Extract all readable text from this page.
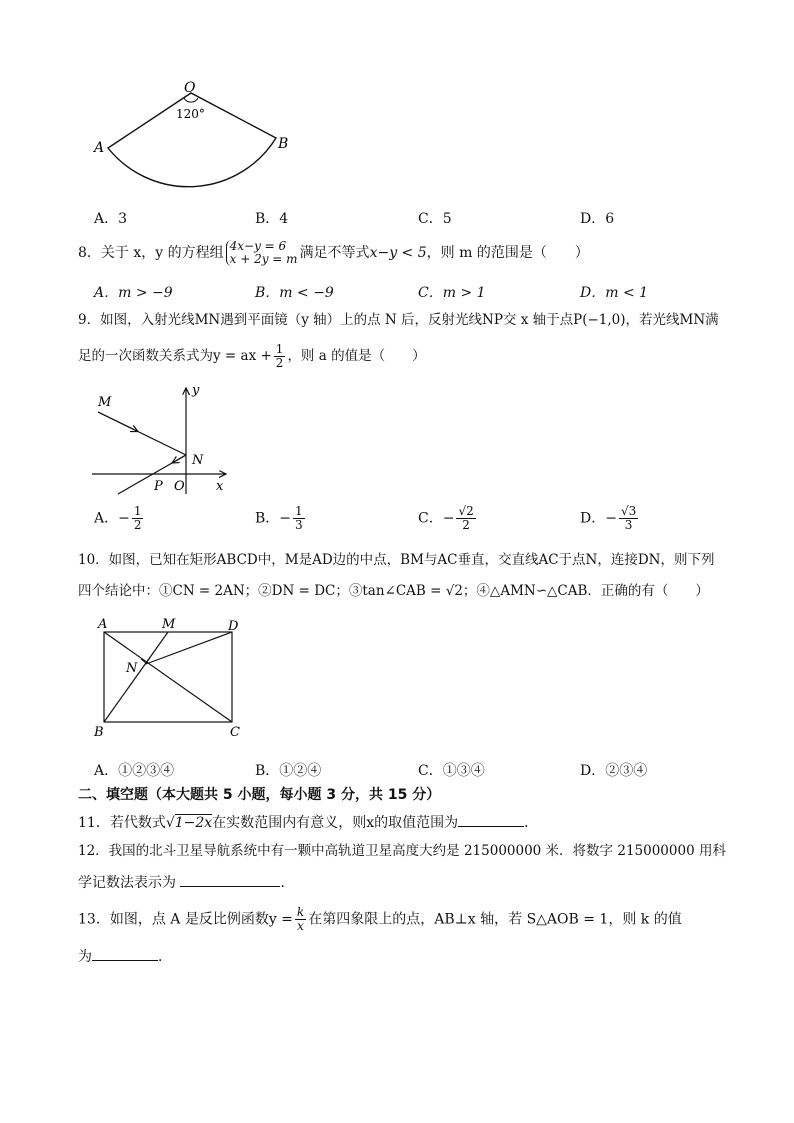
O
120°
A	B
A．3	B．4	C．5	D．6
8．关于 x，y 的方程组 4x−y = 6
x + 2y = m 满足不等式x−y < 5，则 m 的范围是（　　）
A．m > −9	B．m < −9	C．m > 1	D．m < 1
9．如图，入射光线MN遇到平面镜（y 轴）上的点 N 后，反射光线NP交 x 轴于点P(−1,0)，若光线MN满
足的一次函数关系式为y = ax + $\frac{1}{2}$ ，则 a 的值是（　　）
y
x
M
N
P O
A．− $\frac{1}{2}$	B．− $\frac{1}{3}$	C．− $\frac{√2}{2}$	D．− $\frac{√3}{3}$
10．如图，已知在矩形ABCD中，M是AD边的中点，BM与AC垂直，交直线AC于点N，连接DN，则下列
四个结论中：①CN = 2AN；②DN = DC；③tan∠CAB = √2；④△AMN∽△CAB．正确的有（　　）
A	M	D
N
B	C
A．①②③④	B．①②④	C．①③④	D．②③④
二、填空题（本大题共 5 小题，每小题 3 分，共 15 分）
11．若代数式√1−2x在实数范围内有意义，则x的取值范围为	．
12．我国的北斗卫星导航系统中有一颗中高轨道卫星高度大约是 215000000 米．将数字 215000000 用科
学记数法表示为	．
13．如图，点 A 是反比例函数$y = \frac{k}{x}$ 在第四象限上的点，AB⊥x 轴，若 S△AOB = 1，则 k 的值
为	．
